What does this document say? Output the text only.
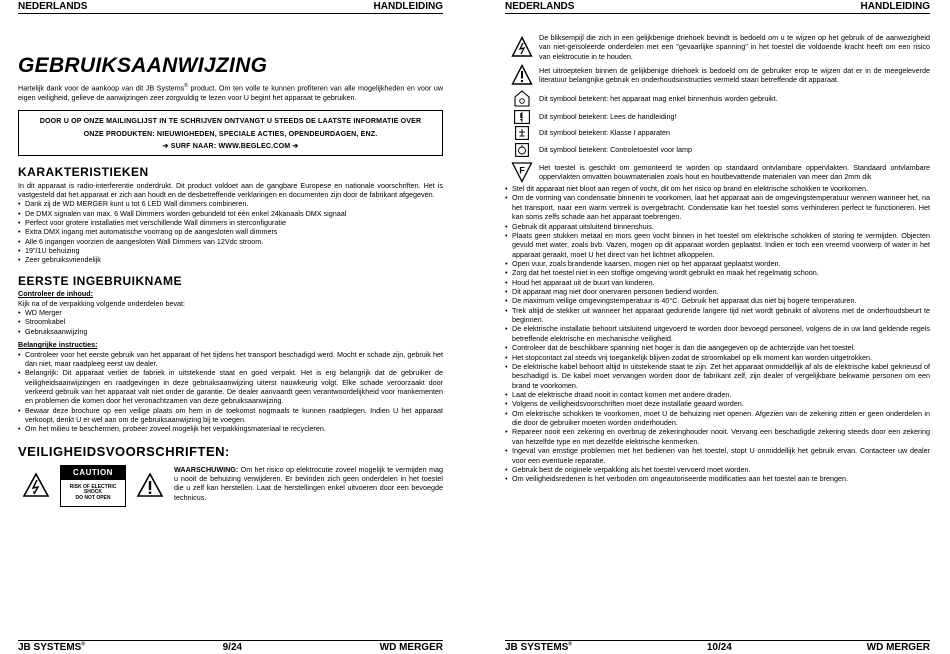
NEDERLANDS	HANDLEIDING
GEBRUIKSAANWIJZING
Hartelijk dank voor de aankoop van dit JB Systems® product. Om ten volle te kunnen profiteren van alle mogelijkheden en voor uw eigen veiligheid, gelieve de aanwijzingen zeer zorgvuldig te lezen voor U begint het apparaat te gebruiken.
DOOR U OP ONZE MAILINGLIJST IN TE SCHRIJVEN ONTVANGT U STEEDS DE LAATSTE INFORMATIE OVER ONZE PRODUKTEN: NIEUWIGHEDEN, SPECIALE ACTIES, OPENDEURDAGEN, ENZ.
➔ SURF NAAR: WWW.BEGLEC.COM ➔
KARAKTERISTIEKEN
In dit apparaat is radio-interferentie onderdrukt. Dit product voldoet aan de gangbare Europese en nationale voorschriften. Het is vastgesteld dat het apparaat er zich aan houdt en de desbetreffende verklaringen en documenten zijn door de fabrikant afgegeven.
• Dank zij de WD MERGER kunt u tot 6 LED Wall dimmers combineren.
• De DMX signalen van max. 6 Wall Dimmers worden gebundeld tot één enkel 24kanaals DMX signaal
• Perfect voor grotere installaties met verschillende Wall dimmers in sterconfiguratie
• Extra DMX ingang met automatische voorrang op de aangesloten wall dimmers
• Alle 6 ingangen voorzien de aangesloten Wall Dimmers van 12Vdc stroom.
• 19"/1U behuizing
• Zeer gebruiksvriendelijk
EERSTE INGEBRUIKNAME
Controleer de inhoud:
Kijk na of de verpakking volgende onderdelen bevat:
• WD Merger
• Stroomkabel
• Gebruiksaanwijzing
Belangrijke instructies:
• Controleer voor het eerste gebruik van het apparaat of het tijdens het transport beschadigd werd. Mocht er schade zijn, gebruik het dan niet, maar raadpleeg eerst uw dealer.
• Belangrijk: Dit apparaat verliet de fabriek in uitstekende staat en goed verpakt. Het is erg belangrijk dat de gebruiker de veiligheidsaanwijzingen en raadgevingen in deze gebruiksaanwijzing uiterst nauwkeurig volgt. Elke schade veroorzaakt door verkeerd gebruik van het apparaat valt niet onder de garantie. De dealer aanvaardt geen verantwoordelijkheid voor mankementen en problemen die komen door het veronachtzamen van deze gebruiksaanwijzing.
• Bewaar deze brochure op een veilige plaats om hem in de toekomst nogmaals te kunnen raadplegen. Indien U het apparaat verkoopt, denkt U er wel aan om de gebruiksaanwijzing bij te voegen.
• Om het milieu te beschermen, probeer zoveel mogelijk het verpakkingsmateriaal te recycleren.
VEILIGHEIDSVOORSCHRIFTEN:
CAUTION
RISK OF ELECTRIC SHOCK
DO NOT OPEN
WAARSCHUWING: Om het risico op elektrocutie zoveel mogelijk te vermijden mag u nooit de behuizing verwijderen. Er bevinden zich geen onderdelen in het toestel die u zelf kan herstellen. Laat de herstellingen enkel uitvoeren door een bevoegde technicus.
JB SYSTEMS®	9/24	WD MERGER
NEDERLANDS	HANDLEIDING
De bliksempijl die zich in een gelijkbenige driehoek bevindt is bedoeld om u te wijzen op het gebruik of de aanwezigheid van niet-geïsoleerde onderdelen met een "gevaarlijke spanning" in het toestel die voldoende kracht heeft om een risico van elektrocutie in te houden.
Het uitroepteken binnen de gelijkbenige driehoek is bedoeld om de gebruiker erop te wijzen dat er in de meegeleverde literatuur belangrijke gebruik en onderhoudsinstructies vermeld staan betreffende dit apparaat.
Dit symbool betekent: het apparaat mag enkel binnenhuis worden gebruikt.
Dit symbool betekent: Lees de handleiding!
Dit symbool betekent: Klasse I apparaten
Dit symbool betekent: Controletoestel voor lamp
F Het toestel is geschikt om gemonteerd te worden op standaard ontvlambare oppervlakten. Standaard ontvlambare oppervlakten omvatten bouwmaterialen zoals hout en houtbevattende materialen van meer dan 2mm dik
• Stel dit apparaat niet bloot aan regen of vocht, dit om het risico op brand en elektrische schokken te voorkomen.
• Om de vorming van condensatie binnenin te voorkomen, laat het apparaat aan de omgevingstemperatuur wennen wanneer het, na het transport, naar een warm vertrek is overgebracht. Condensatie kan het toestel soms verhinderen perfect te functioneren. Het kan soms zelfs schade aan het apparaat toebrengen.
• Gebruik dit apparaat uitsluitend binnenshuis.
• Plaats geen stukken metaal en mors geen vocht binnen in het toestel om elektrische schokken of storing te vermijden. Objecten gevuld met water, zoals bvb. Vazen, mogen op dit apparaat worden geplaatst. Indien er toch een vreemd voorwerp of water in het apparaat geraakt, moet U het direct van het lichtnet afkoppelen.
• Open vuur, zoals brandende kaarsen, mogen niet op het apparaat geplaatst worden.
• Zorg dat het toestel niet in een stoffige omgeving wordt gebruikt en maak het regelmatig schoon.
• Houd het apparaat uit de buurt van kinderen.
• Dit apparaat mag niet door onervaren personen bediend worden.
• De maximum veilige omgevingstemperatuur is 40°C. Gebruik het apparaat dus niet bij hogere temperaturen.
• Trek altijd de stekker uit wanneer het apparaat gedurende langere tijd niet wordt gebruikt of alvorens met de onderhoudsbeurt te beginnen.
• De elektrische installatie behoort uitsluitend uitgevoerd te worden door bevoegd personeel, volgens de in uw land geldende regels betreffende elektrische en mechanische veiligheid.
• Controleer dat de beschikbare spanning niet hoger is dan die aangegeven op de achterzijde van het toestel.
• Het stopcontact zal steeds vrij toegankelijk blijven zodat de stroomkabel op elk moment kan worden uitgetrokken.
• De elektrische kabel behoort altijd in uitstekende staat te zijn. Zet het apparaat onmiddellijk af als de elektrische kabel gekneusd of beschadigd is. De kabel moet vervangen worden door de fabrikant zelf, zijn dealer of vergelijkbare bekwame personen om een brand te voorkomen.
• Laat de elektrische draad nooit in contact komen met andere draden.
• Volgens de veiligheidsvoorschriften moet deze installatie geaard worden.
• Om elektrische schokken te voorkomen, moet U de behuizing niet openen. Afgezien van de zekering zitten er geen onderdelen in die door de gebruiker moeten worden onderhouden.
• Repareer nooit een zekering en overbrug de zekeringhouder nooit. Vervang een beschadigde zekering steeds door een zekering van hetzelfde type en met dezelfde elektrische kenmerken.
• Ingeval van ernstige problemen met het bedienen van het toestel, stopt U onmiddellijk het gebruik ervan. Contacteer uw dealer voor een eventuele reparatie.
• Gebruik best de originele verpakking als het toestel vervoerd moet worden.
• Om veiligheidsredenen is het verboden om ongeautoriseerde modificaties aan het toestel aan te brengen.
JB SYSTEMS®	10/24	WD MERGER
